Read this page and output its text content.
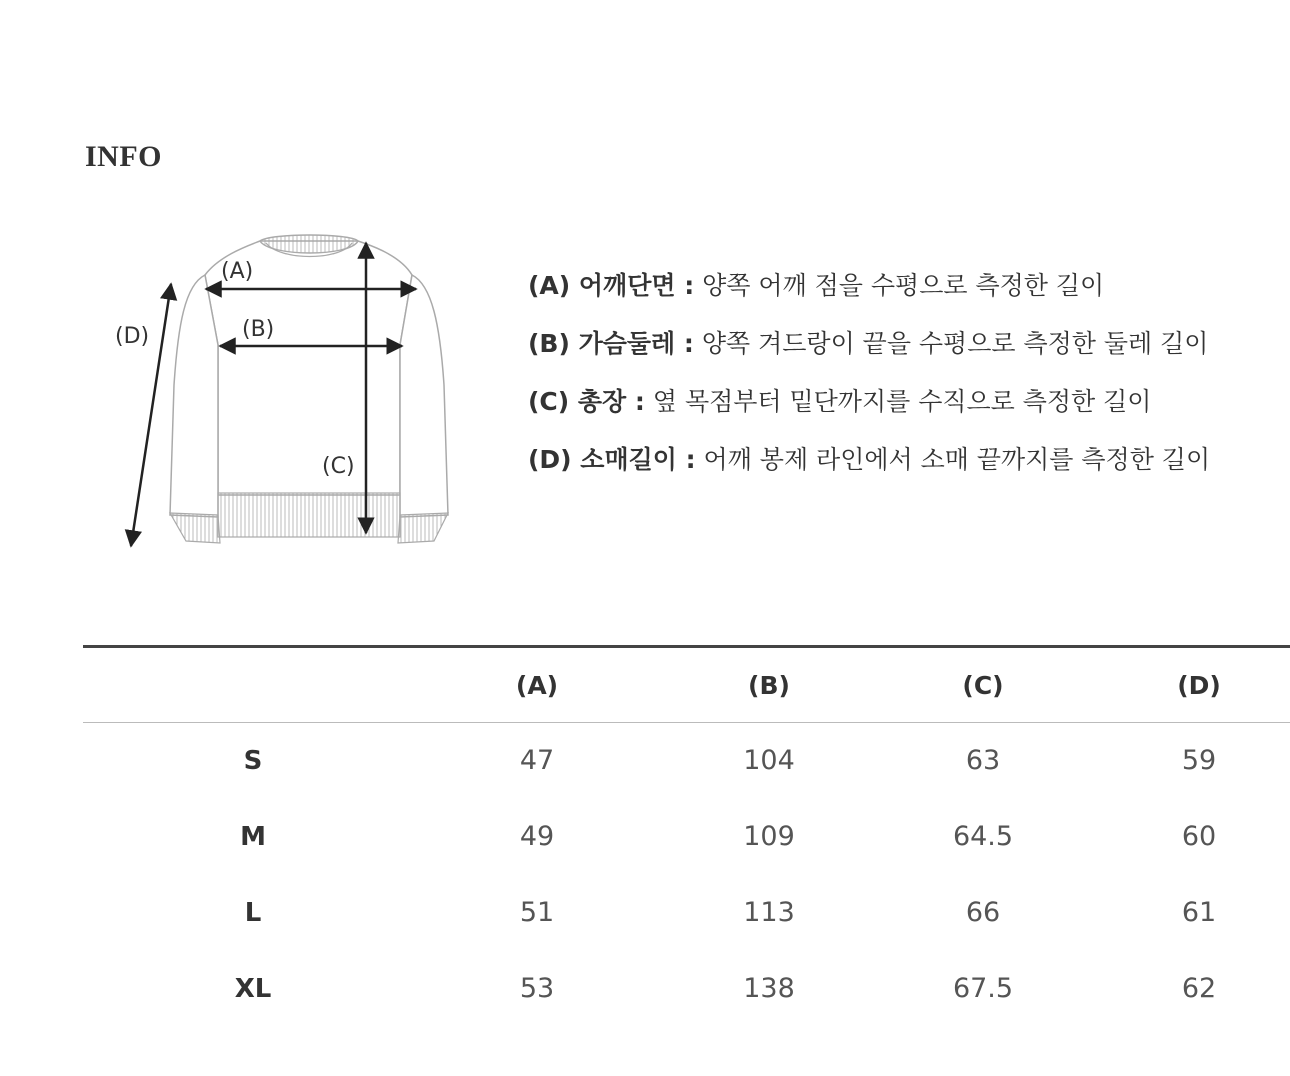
INFO
(A)
(B)
(C)
(D)
(A) 어깨단면 : 양쪽 어깨 점을 수평으로 측정한 길이
(B) 가슴둘레 : 양쪽 겨드랑이 끝을 수평으로 측정한 둘레 길이
(C) 총장 : 옆 목점부터 밑단까지를 수직으로 측정한 길이
(D) 소매길이 : 어깨 봉제 라인에서 소매 끝까지를 측정한 길이
	(A)	(B)	(C)	(D)
S	47	104	63	59
M	49	109	64.5	60
L	51	113	66	61
XL	53	138	67.5	62
